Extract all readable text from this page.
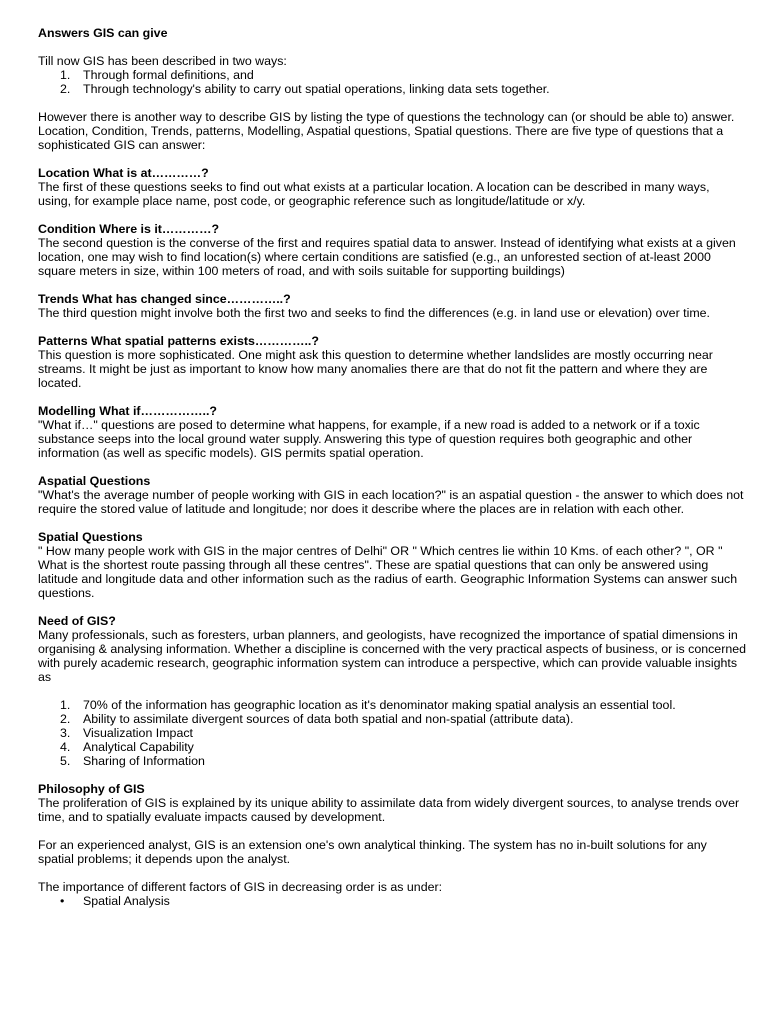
Answers GIS can give

Till now GIS has been described in two ways:

1.	Through formal definitions, and
2.	Through technology's ability to carry out spatial operations, linking data sets together.

However there is another way to describe GIS by listing the type of questions the technology can (or should be able to) answer. Location, Condition, Trends, patterns, Modelling, Aspatial questions, Spatial questions. There are five type of questions that a sophisticated GIS can answer:

Location What is at…………?

The first of these questions seeks to find out what exists at a particular location. A location can be described in many ways, using, for example place name, post code, or geographic reference such as longitude/latitude or x/y.

Condition Where is it…………?

The second question is the converse of the first and requires spatial data to answer. Instead of identifying what exists at a given location, one may wish to find location(s) where certain conditions are satisfied (e.g., an unforested section of at-least 2000 square meters in size, within 100 meters of road, and with soils suitable for supporting buildings)

Trends What has changed since…………..?

The third question might involve both the first two and seeks to find the differences (e.g. in land use or elevation) over time.

Patterns What spatial patterns exists…………..?

This question is more sophisticated. One might ask this question to determine whether landslides are mostly occurring near streams. It might be just as important to know how many anomalies there are that do not fit the pattern and where they are located.

Modelling What if……………..?

"What if…" questions are posed to determine what happens, for example, if a new road is added to a network or if a toxic substance seeps into the local ground water supply. Answering this type of question requires both geographic and other information (as well as specific models). GIS permits spatial operation.

Aspatial Questions

"What's the average number of people working with GIS in each location?" is an aspatial question - the answer to which does not require the stored value of latitude and longitude; nor does it describe where the places are in relation with each other.

Spatial Questions

" How many people work with GIS in the major centres of Delhi" OR " Which centres lie within 10 Kms. of each other? ", OR " What is the shortest route passing through all these centres". These are spatial questions that can only be answered using latitude and longitude data and other information such as the radius of earth. Geographic Information Systems can answer such questions.

Need of GIS?

Many professionals, such as foresters, urban planners, and geologists, have recognized the importance of spatial dimensions in organising & analysing information. Whether a discipline is concerned with the very practical aspects of business, or is concerned with purely academic research, geographic information system can introduce a perspective, which can provide valuable insights as

1.	70% of the information has geographic location as it's denominator making spatial analysis an essential tool.
2.	Ability to assimilate divergent sources of data both spatial and non-spatial (attribute data).
3.	Visualization Impact
4.	Analytical Capability
5.	Sharing of Information
Philosophy of GIS

The proliferation of GIS is explained by its unique ability to assimilate data from widely divergent sources, to analyse trends over time, and to spatially evaluate impacts caused by development.

For an experienced analyst, GIS is an extension one's own analytical thinking. The system has no in-built solutions for any spatial problems; it depends upon the analyst.

The importance of different factors of GIS in decreasing order is as under:

• Spatial Analysis
